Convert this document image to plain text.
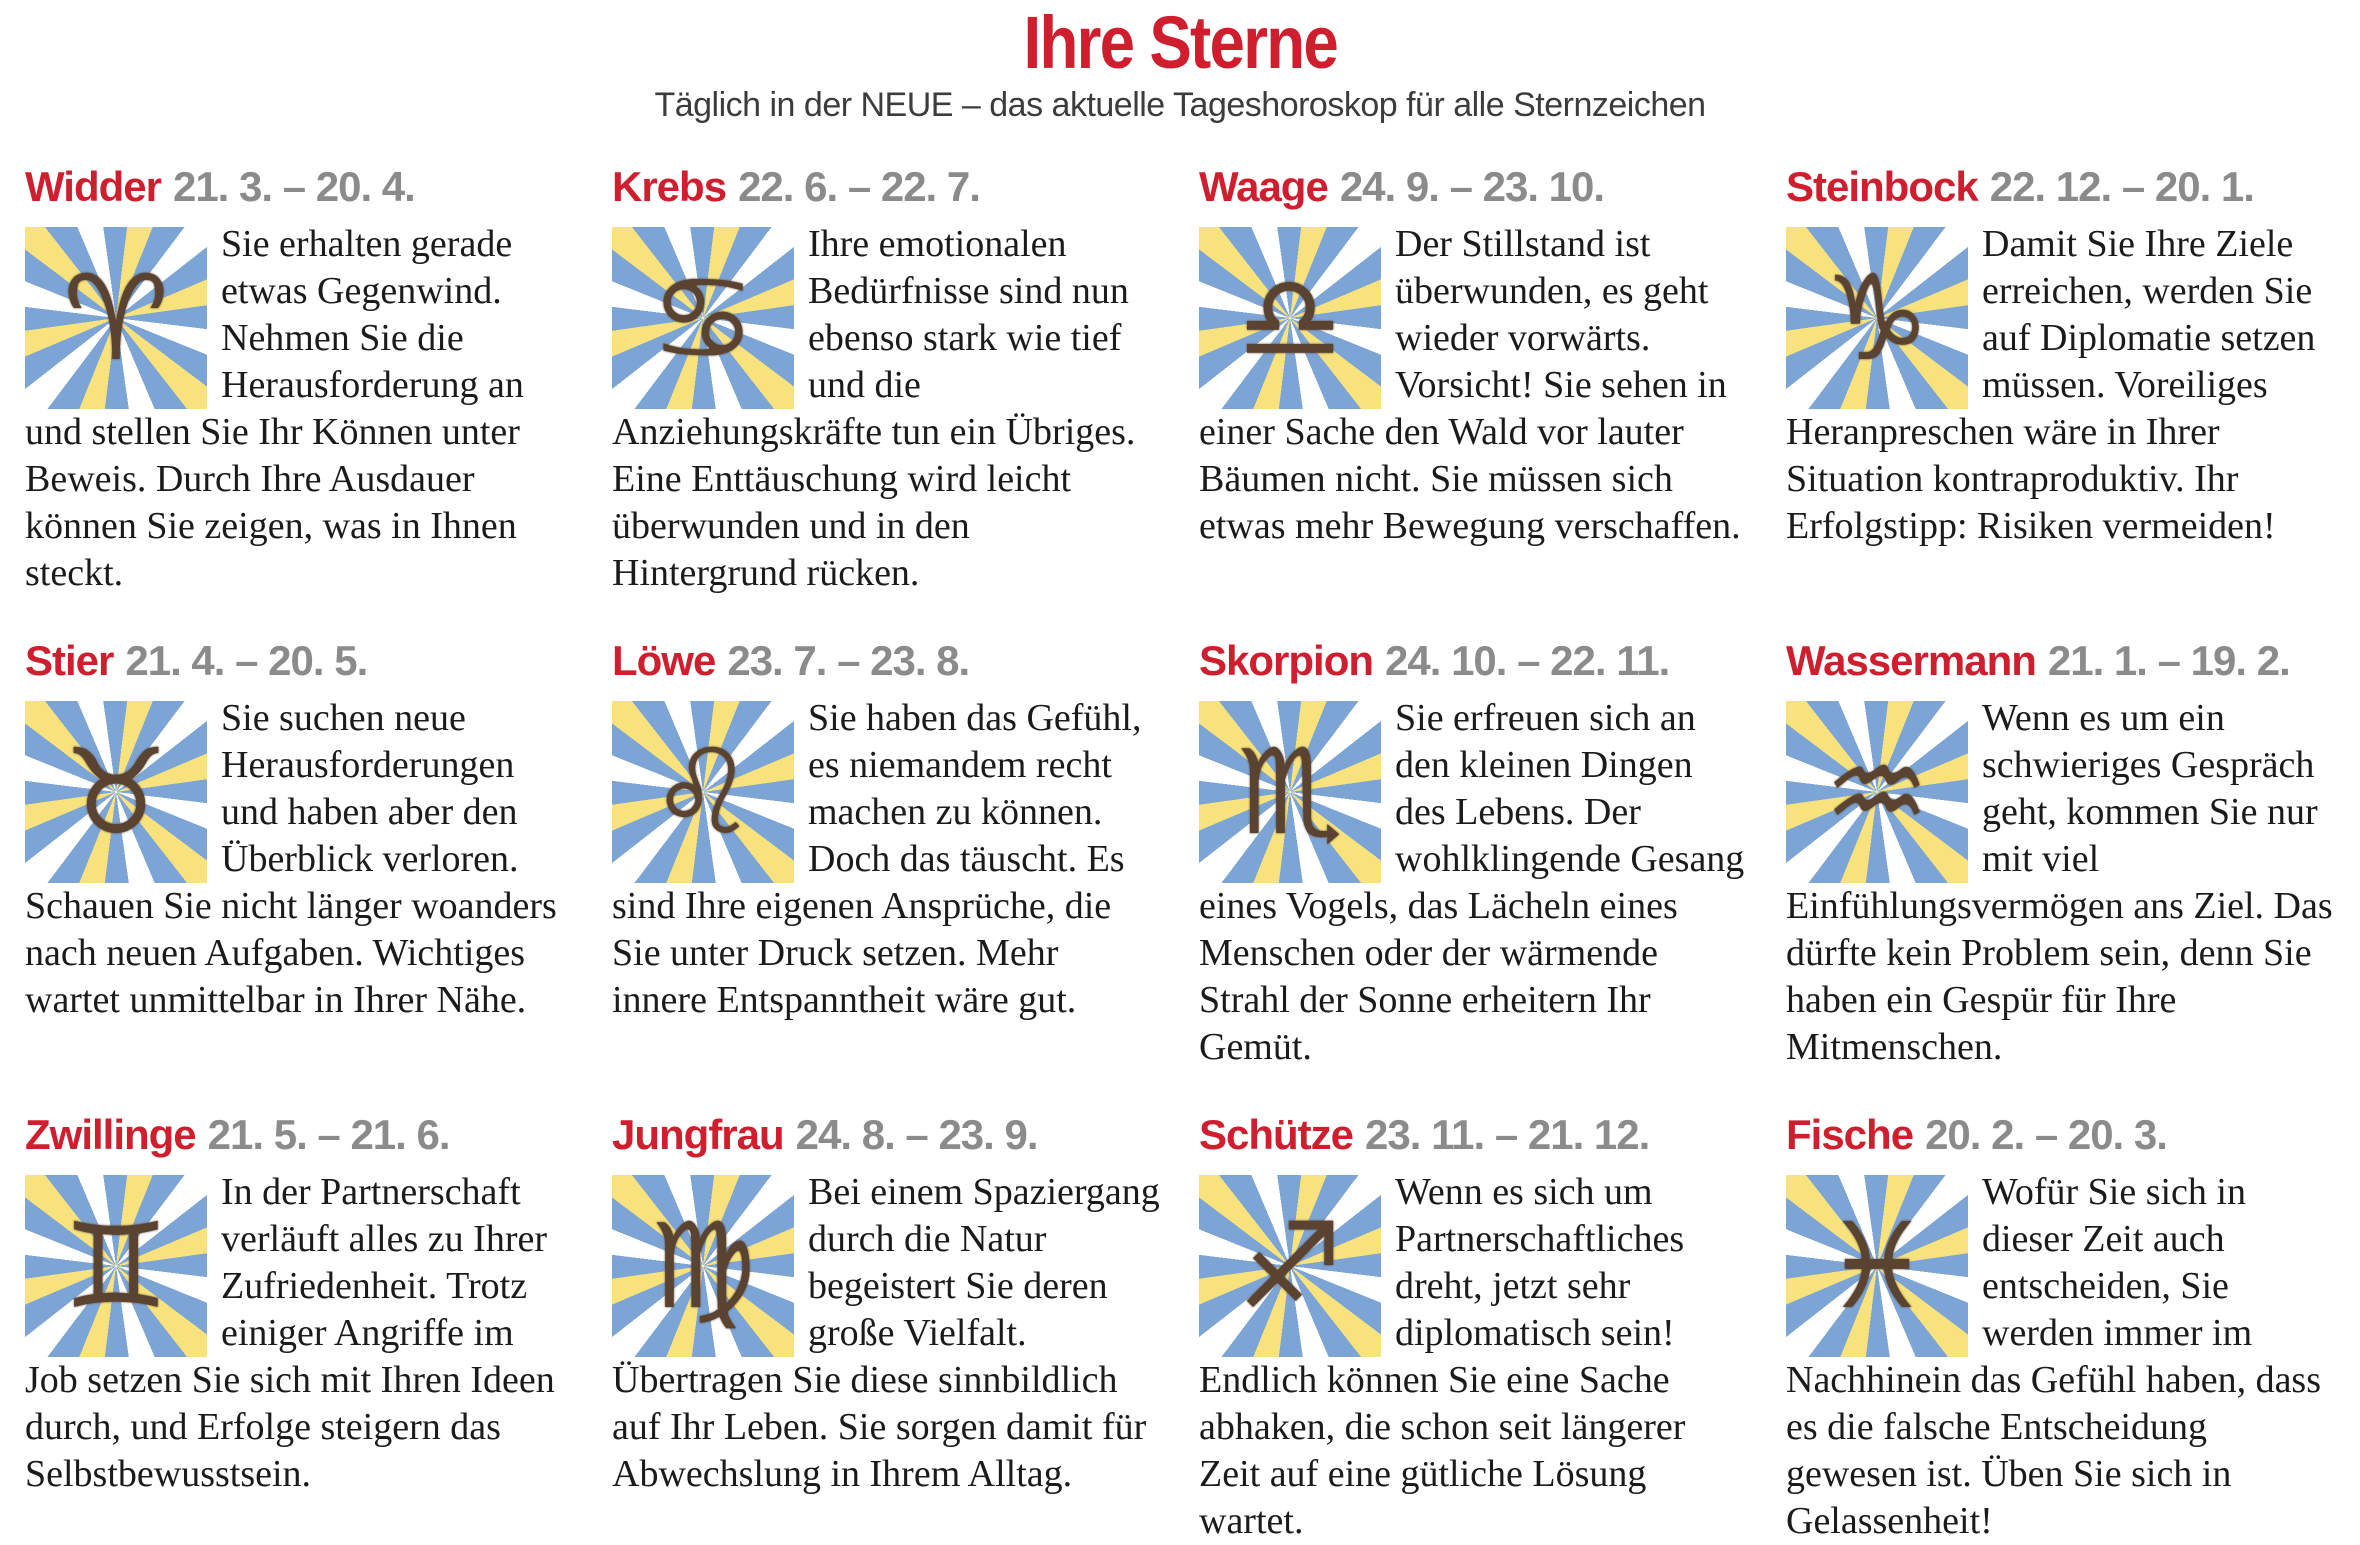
Ihre Sterne
Täglich in der NEUE – das aktuelle Tageshoroskop für alle Sternzeichen
Widder 21. 3. – 20. 4.
♈
Sie erhalten gerade etwas Gegenwind. Nehmen Sie die Herausforderung an und stellen Sie Ihr Können unter Beweis. Durch Ihre Ausdauer können Sie zeigen, was in Ihnen steckt.
Krebs 22. 6. – 22. 7.
♋
Ihre emotionalen Bedürfnisse sind nun ebenso stark wie tief und die Anziehungskräfte tun ein Übriges. Eine Enttäuschung wird leicht überwunden und in den Hintergrund rücken.
Waage 24. 9. – 23. 10.
♎
Der Stillstand ist überwunden, es geht wieder vorwärts. Vorsicht! Sie sehen in einer Sache den Wald vor lauter Bäumen nicht. Sie müssen sich etwas mehr Bewegung verschaffen.
Steinbock 22. 12. – 20. 1.
♑
Damit Sie Ihre Ziele erreichen, werden Sie auf Diplomatie setzen müssen. Voreiliges Heranpreschen wäre in Ihrer Situation kontraproduktiv. Ihr Erfolgstipp: Risiken vermeiden!
Stier 21. 4. – 20. 5.
♉
Sie suchen neue Herausforderungen und haben aber den Überblick verloren. Schauen Sie nicht länger woanders nach neuen Aufgaben. Wichtiges wartet unmittelbar in Ihrer Nähe.
Löwe 23. 7. – 23. 8.
♌
Sie haben das Gefühl, es niemandem recht machen zu können. Doch das täuscht. Es sind Ihre eigenen Ansprüche, die Sie unter Druck setzen. Mehr innere Entspanntheit wäre gut.
Skorpion 24. 10. – 22. 11.
♏
Sie erfreuen sich an den kleinen Dingen des Lebens. Der wohlklingende Gesang eines Vogels, das Lächeln eines Menschen oder der wärmende Strahl der Sonne erheitern Ihr Gemüt.
Wassermann 21. 1. – 19. 2.
♒
Wenn es um ein schwieriges Gespräch geht, kommen Sie nur mit viel Einfühlungsvermögen ans Ziel. Das dürfte kein Problem sein, denn Sie haben ein Gespür für Ihre Mitmenschen.
Zwillinge 21. 5. – 21. 6.
♊
In der Partnerschaft verläuft alles zu Ihrer Zufriedenheit. Trotz einiger Angriffe im Job setzen Sie sich mit Ihren Ideen durch, und Erfolge steigern das Selbstbewusstsein.
Jungfrau 24. 8. – 23. 9.
♍
Bei einem Spaziergang durch die Natur begeistert Sie deren große Vielfalt. Übertragen Sie diese sinnbildlich auf Ihr Leben. Sie sorgen damit für Abwechslung in Ihrem Alltag.
Schütze 23. 11. – 21. 12.
♐
Wenn es sich um Partnerschaftliches dreht, jetzt sehr diplomatisch sein! Endlich können Sie eine Sache abhaken, die schon seit längerer Zeit auf eine gütliche Lösung wartet.
Fische 20. 2. – 20. 3.
♓
Wofür Sie sich in dieser Zeit auch entscheiden, Sie werden immer im Nachhinein das Gefühl haben, dass es die falsche Entscheidung gewesen ist. Üben Sie sich in Gelassenheit!
